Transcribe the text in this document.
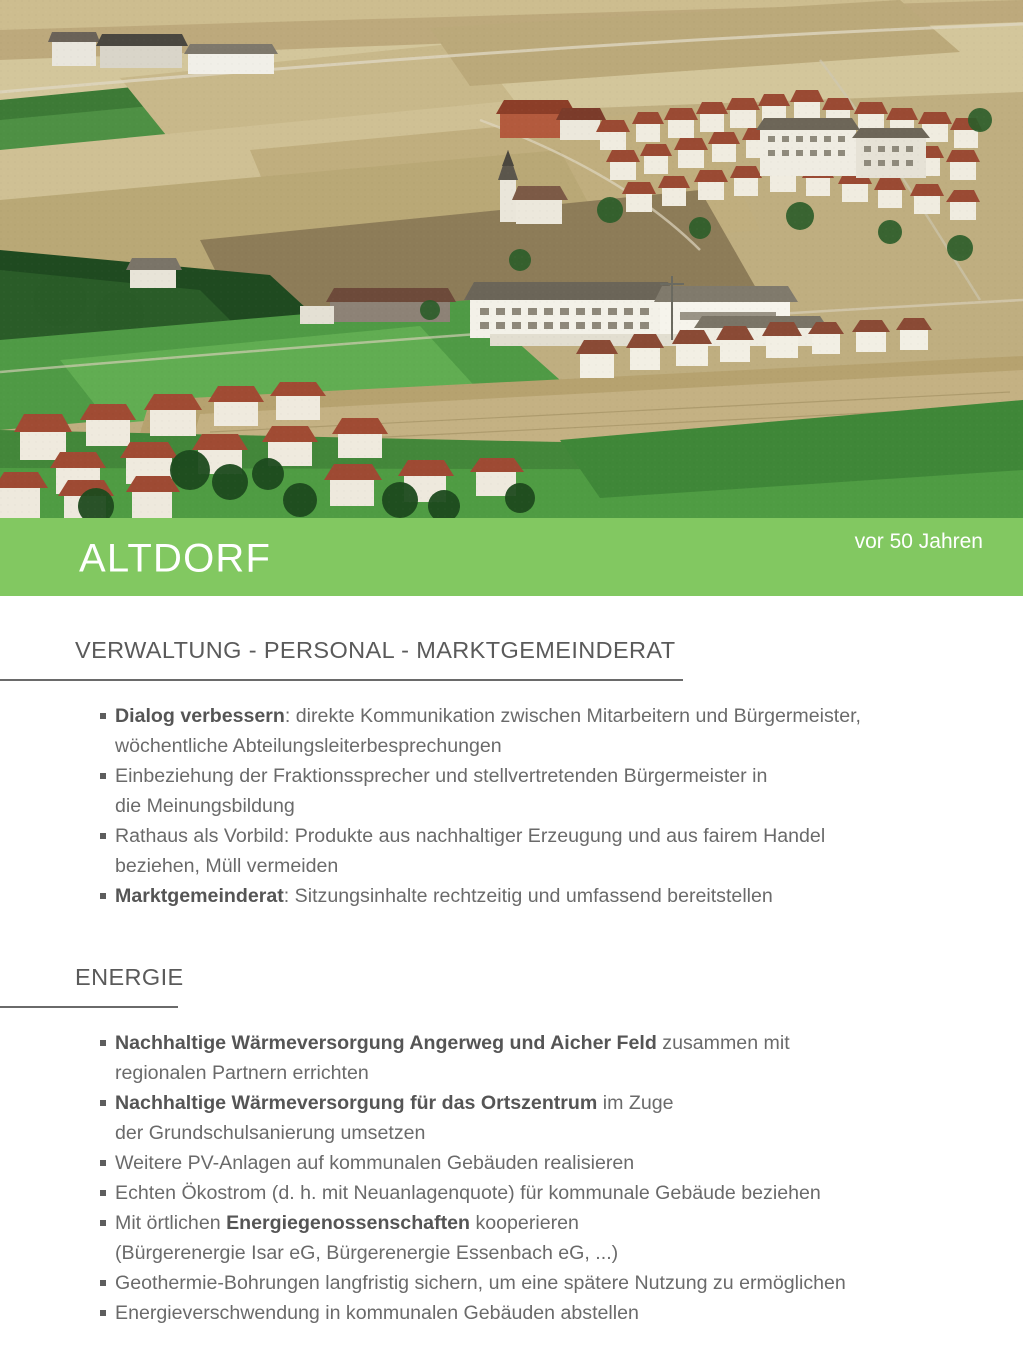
ALTDORF	vor 50 Jahren
VERWALTUNG - PERSONAL - MARKTGEMEINDERAT
Dialog verbessern: direkte Kommunikation zwischen Mitarbeitern und Bürgermeister,
wöchentliche Abteilungsleiterbesprechungen
Einbeziehung der Fraktionssprecher und stellvertretenden Bürgermeister in
die Meinungsbildung
Rathaus als Vorbild: Produkte aus nachhaltiger Erzeugung und aus fairem Handel
beziehen, Müll vermeiden
Marktgemeinderat: Sitzungsinhalte rechtzeitig und umfassend bereitstellen
ENERGIE
Nachhaltige Wärmeversorgung Angerweg und Aicher Feld zusammen mit
regionalen Partnern errichten
Nachhaltige Wärmeversorgung für das Ortszentrum im Zuge
der Grundschulsanierung umsetzen
Weitere PV-Anlagen auf kommunalen Gebäuden realisieren
Echten Ökostrom (d. h. mit Neuanlagenquote) für kommunale Gebäude beziehen
Mit örtlichen Energiegenossenschaften kooperieren
(Bürgerenergie Isar eG, Bürgerenergie Essenbach eG, ...)
Geothermie-Bohrungen langfristig sichern, um eine spätere Nutzung zu ermöglichen
Energieverschwendung in kommunalen Gebäuden abstellen
